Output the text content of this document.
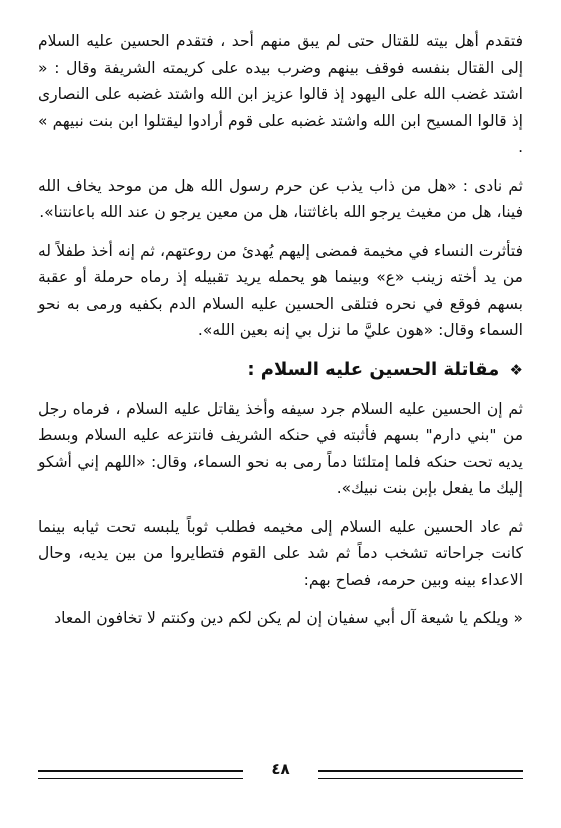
فتقدم أهل بيته للقتال حتى لم يبق منهم أحد ، فتقدم الحسين عليه السلام إلى القتال بنفسه فوقف بينهم وضرب بيده على كريمته الشريفة وقال : « اشتد غضب الله على اليهود إذ قالوا عزيز ابن الله واشتد غضبه على النصارى إذ قالوا المسيح ابن الله واشتد غضبه على قوم أرادوا ليقتلوا ابن بنت نبيهم » .

ثم نادى : «هل من ذاب يذب عن حرم رسول الله هل من موحد يخاف الله فينا، هل من مغيث يرجو الله باغاثتنا، هل من معين يرجو ن عند الله باعانتنا».

فتأثرت النساء في مخيمة فمضى إليهم يُهدئ من روعتهم، ثم إنه أخذ طفلاً له من يد أخته زينب «ع» وبينما هو يحمله يريد تقبيله إذ رماه حرملة أو عقبة بسهم فوقع في نحره فتلقى الحسين عليه السلام الدم بكفيه ورمى به نحو السماء وقال: «هون عليَّ ما نزل بي إنه بعين الله».

❖ مقاتلة الحسين عليه السلام :

ثم إن الحسين عليه السلام جرد سيفه وأخذ يقاتل عليه السلام ، فرماه رجل من "بني دارم" بسهم فأثبته في حنكه الشريف فانتزعه عليه السلام وبسط يديه تحت حنكه فلما إمتلئتا دماً رمى به نحو السماء، وقال: «اللهم إني أشكو إليك ما يفعل بإبن بنت نبيك».

ثم عاد الحسين عليه السلام إلى مخيمه فطلب ثوباً يلبسه تحت ثيابه بينما كانت جراحاته تشخب دماً ثم شد على القوم فتطايروا من بين يديه، وحال الاعداء بينه وبين حرمه، فصاح بهم:

« ويلكم يا شيعة آل أبي سفيان إن لم يكن لكم دين وكنتم لا تخافون المعاد

٤٨
